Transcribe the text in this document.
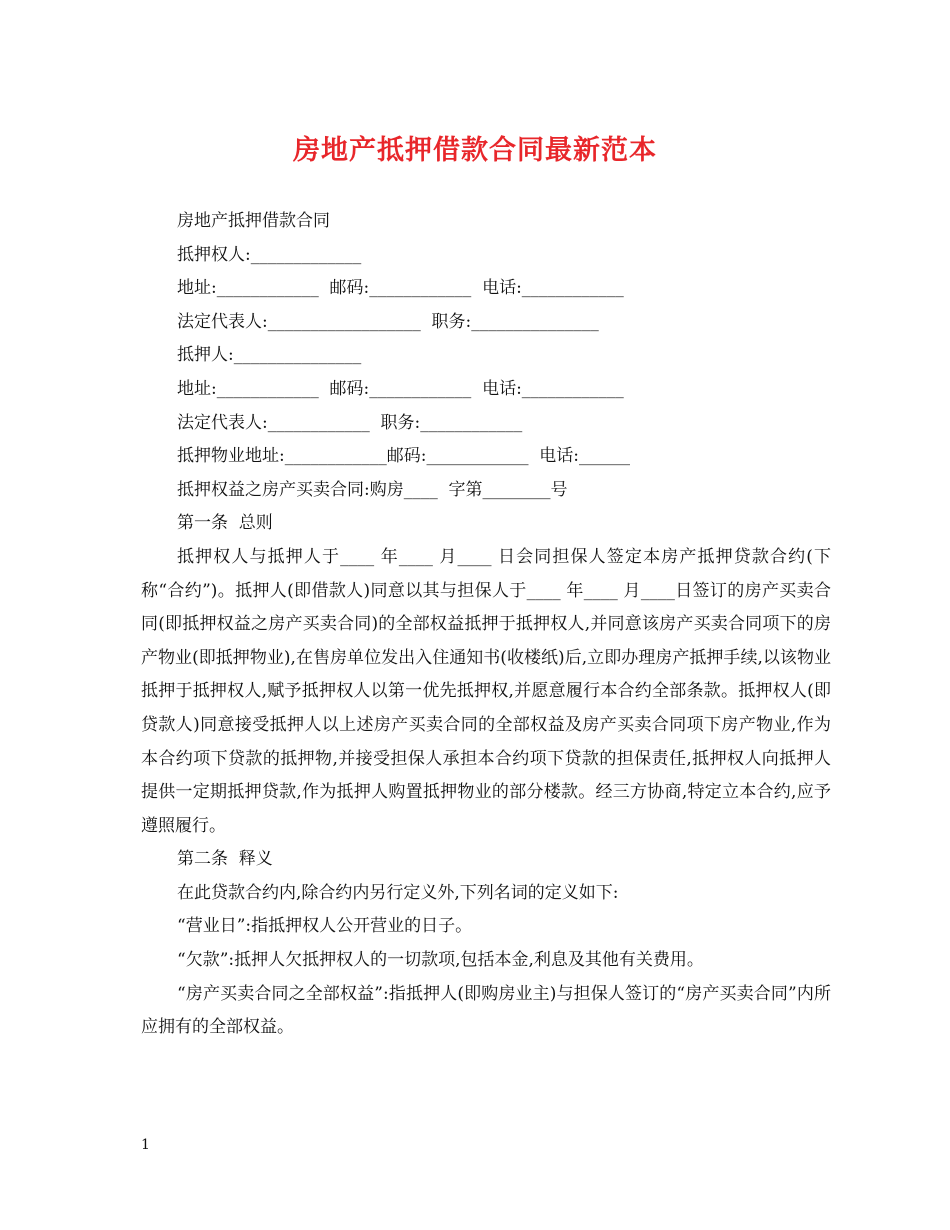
房地产抵押借款合同最新范本
房地产抵押借款合同
抵押权人:_____________
地址:____________  邮码:____________  电话:____________
法定代表人:__________________  职务:_______________
抵押人:_______________
地址:____________  邮码:____________  电话:____________
法定代表人:____________  职务:____________
抵押物业地址:____________邮码:____________  电话:______
抵押权益之房产买卖合同:购房____  字第________号
第一条  总则
抵押权人与抵押人于____ 年____ 月____ 日会同担保人签定本房产抵押贷款合约(下称“合约”)。抵押人(即借款人)同意以其与担保人于____ 年____ 月____日签订的房产买卖合同(即抵押权益之房产买卖合同)的全部权益抵押于抵押权人,并同意该房产买卖合同项下的房产物业(即抵押物业),在售房单位发出入住通知书(收楼纸)后,立即办理房产抵押手续,以该物业抵押于抵押权人,赋予抵押权人以第一优先抵押权,并愿意履行本合约全部条款。抵押权人(即贷款人)同意接受抵押人以上述房产买卖合同的全部权益及房产买卖合同项下房产物业,作为本合约项下贷款的抵押物,并接受担保人承担本合约项下贷款的担保责任,抵押权人向抵押人提供一定期抵押贷款,作为抵押人购置抵押物业的部分楼款。经三方协商,特定立本合约,应予遵照履行。
第二条  释义
在此贷款合约内,除合约内另行定义外,下列名词的定义如下:
“营业日”:指抵押权人公开营业的日子。
“欠款”:抵押人欠抵押权人的一切款项,包括本金,利息及其他有关费用。
“房产买卖合同之全部权益”:指抵押人(即购房业主)与担保人签订的“房产买卖合同”内所应拥有的全部权益。
1
